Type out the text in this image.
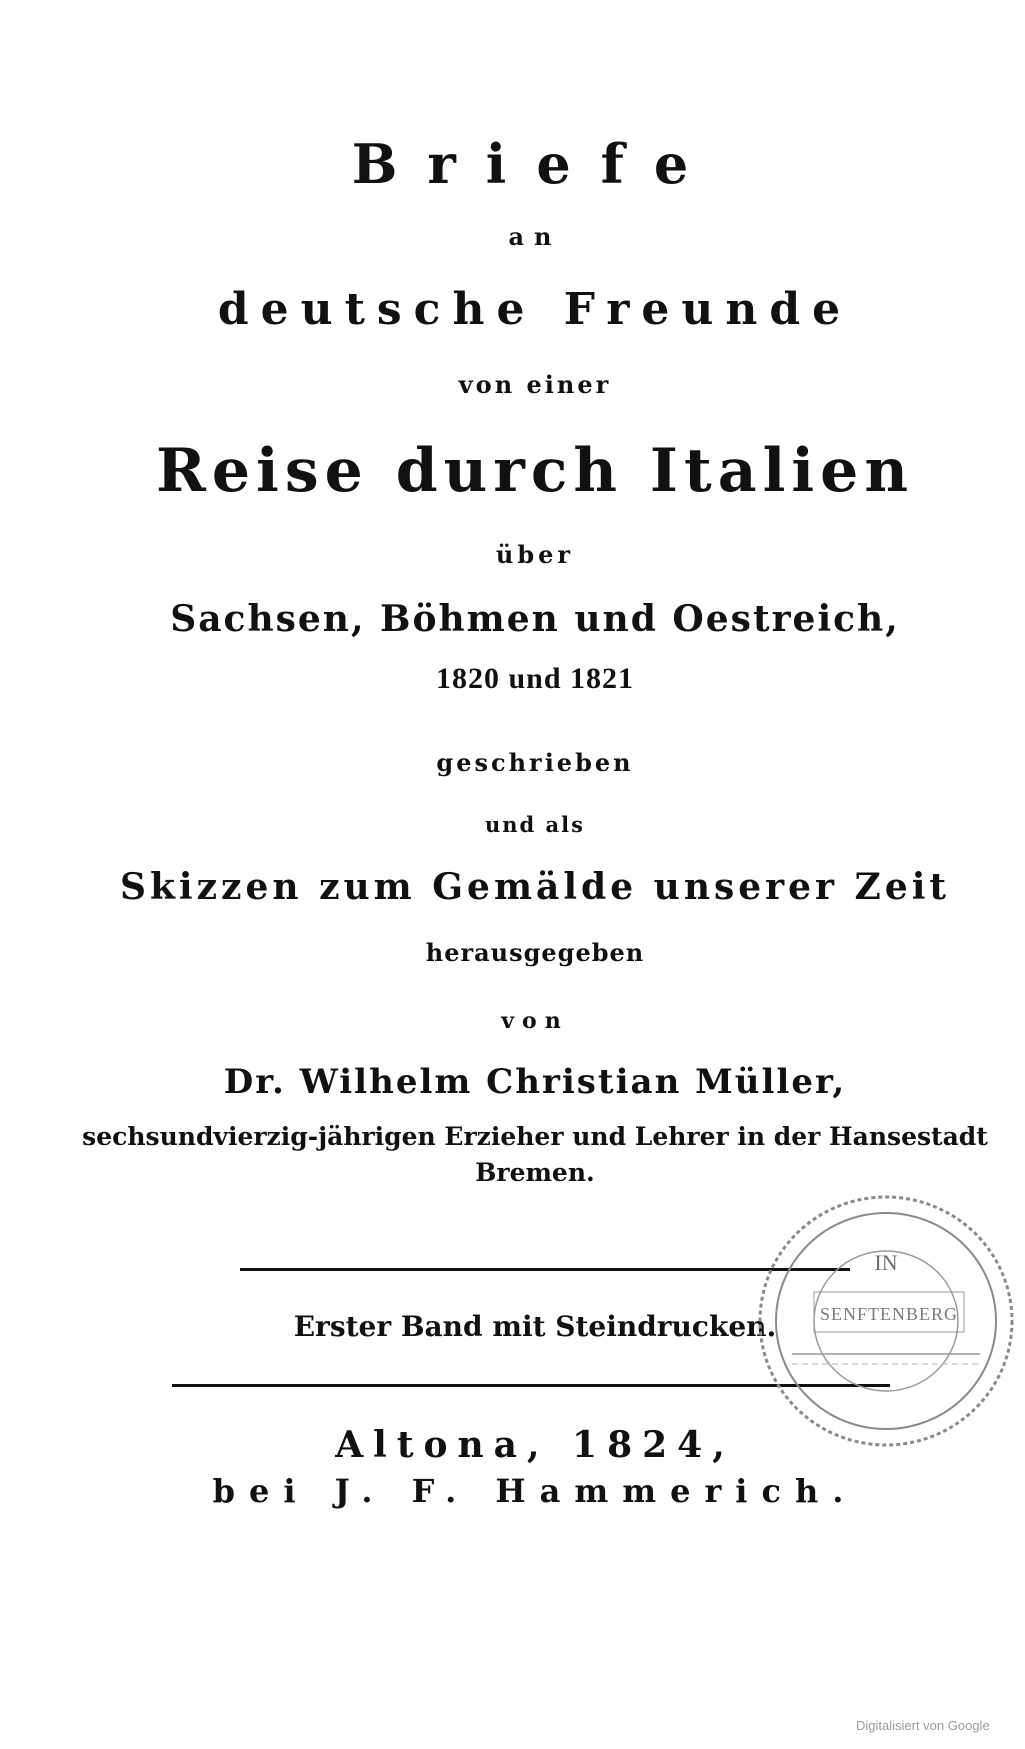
Briefe
an
deutsche Freunde
von einer
Reise durch Italien
über
Sachsen, Böhmen und Oestreich,
1820 und 1821
geschrieben
und als
Skizzen zum Gemälde unserer Zeit
herausgegeben
von
Dr. Wilhelm Christian Müller,
sechsundvierzig-jährigen Erzieher und Lehrer in der Hansestadt
Bremen.
Erster Band mit Steindrucken.
Altona, 1824,
bei J. F. Hammerich.
IN
SENFTENBERG
Digitalisiert von Google
